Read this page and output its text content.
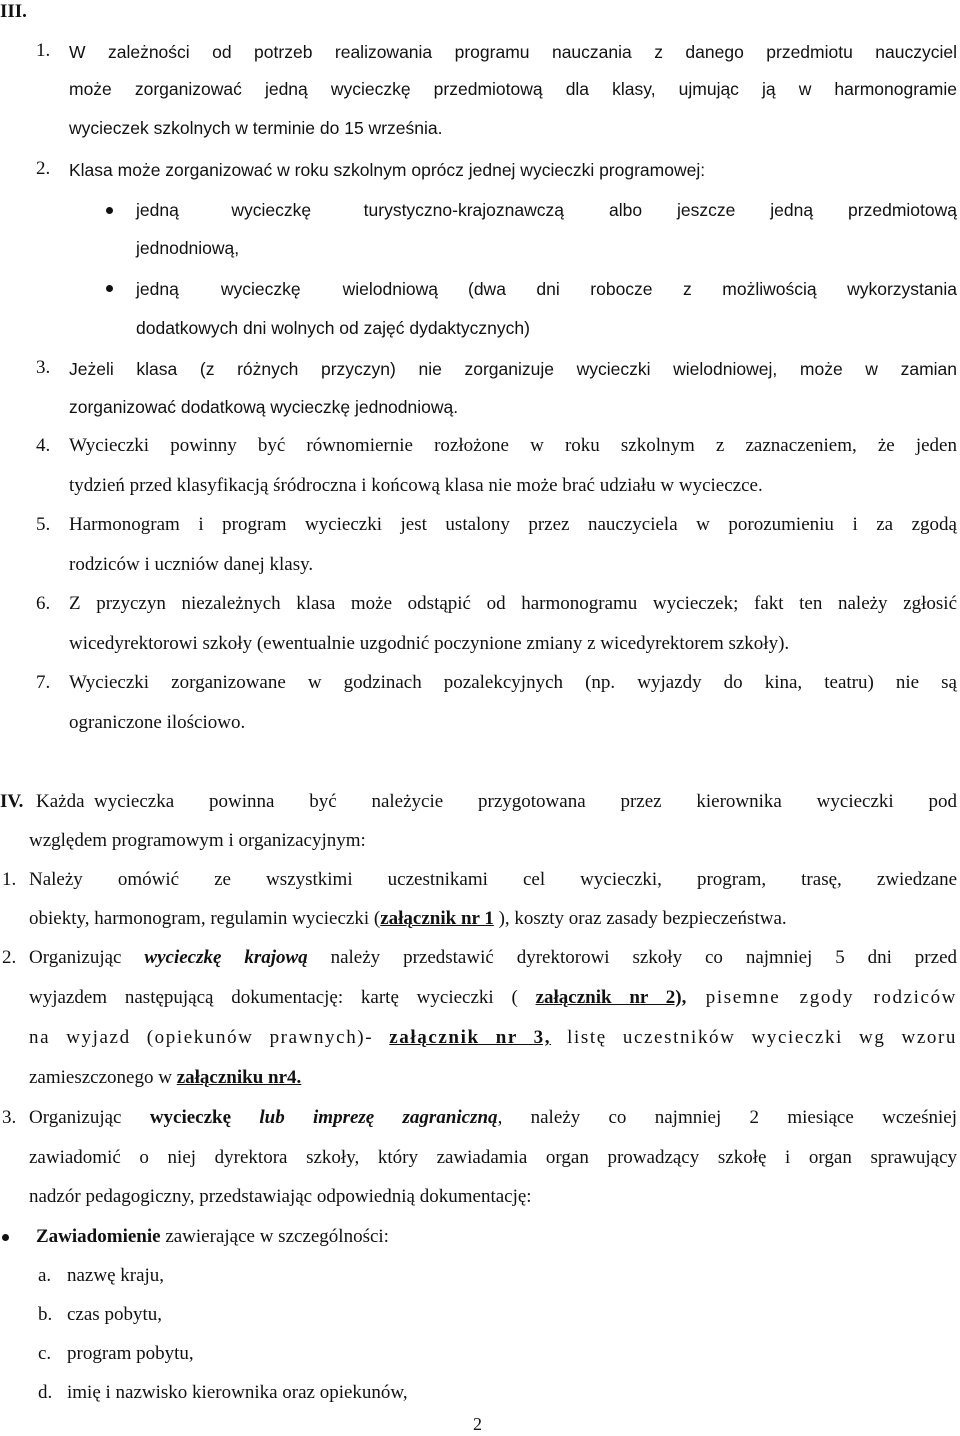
III.
1. W zależności od potrzeb realizowania programu nauczania z danego przedmiotu nauczyciel
może zorganizować jedną wycieczkę przedmiotową dla klasy, ujmując ją w harmonogramie
wycieczek szkolnych w terminie do 15 września.
2. Klasa może zorganizować w roku szkolnym oprócz jednej wycieczki programowej:
jedną wycieczkę turystyczno-krajoznawczą	albo jeszcze jedną przedmiotową
jednodniową,
jedną wycieczkę wielodniową (dwa dni robocze z możliwością wykorzystania
dodatkowych dni wolnych od zajęć dydaktycznych)
3. Jeżeli klasa (z różnych przyczyn) nie zorganizuje wycieczki wielodniowej, może w zamian
zorganizować dodatkową wycieczkę jednodniową.
4. Wycieczki powinny być równomiernie rozłożone w roku szkolnym z zaznaczeniem, że jeden
tydzień przed klasyfikacją śródroczna i końcową klasa nie może brać udziału w wycieczce.
5. Harmonogram i program wycieczki jest ustalony przez nauczyciela w porozumieniu i za zgodą
rodziców i uczniów danej klasy.
6. Z przyczyn niezależnych klasa może odstąpić od harmonogramu wycieczek; fakt ten należy zgłosić
wicedyrektorowi szkoły (ewentualnie uzgodnić poczynione zmiany z wicedyrektorem szkoły).
7. Wycieczki zorganizowane w godzinach pozalekcyjnych (np. wyjazdy do kina, teatru) nie są
ograniczone ilościowo.
IV. Każda wycieczka powinna być należycie przygotowana przez kierownika wycieczki pod
względem programowym i organizacyjnym:
1. Należy omówić ze wszystkimi uczestnikami cel wycieczki, program, trasę, zwiedzane
obiekty, harmonogram, regulamin wycieczki (załącznik nr 1 ), koszty oraz zasady bezpieczeństwa.
2. Organizując wycieczkę krajową należy przedstawić dyrektorowi szkoły co najmniej 5 dni przed
wyjazdem następującą dokumentację: kartę wycieczki ( załącznik nr 2), pisemne zgody rodziców
na wyjazd (opiekunów prawnych)- załącznik nr 3, listę uczestników wycieczki wg wzoru
zamieszczonego w załączniku nr4.
3. Organizując wycieczkę lub imprezę zagraniczną, należy co najmniej 2 miesiące wcześniej
zawiadomić o niej dyrektora szkoły, który zawiadamia organ prowadzący szkołę i organ sprawujący
nadzór pedagogiczny, przedstawiając odpowiednią dokumentację:
Zawiadomienie zawierające w szczególności:
a. nazwę kraju,
b. czas pobytu,
c. program pobytu,
d. imię i nazwisko kierownika oraz opiekunów,
2
